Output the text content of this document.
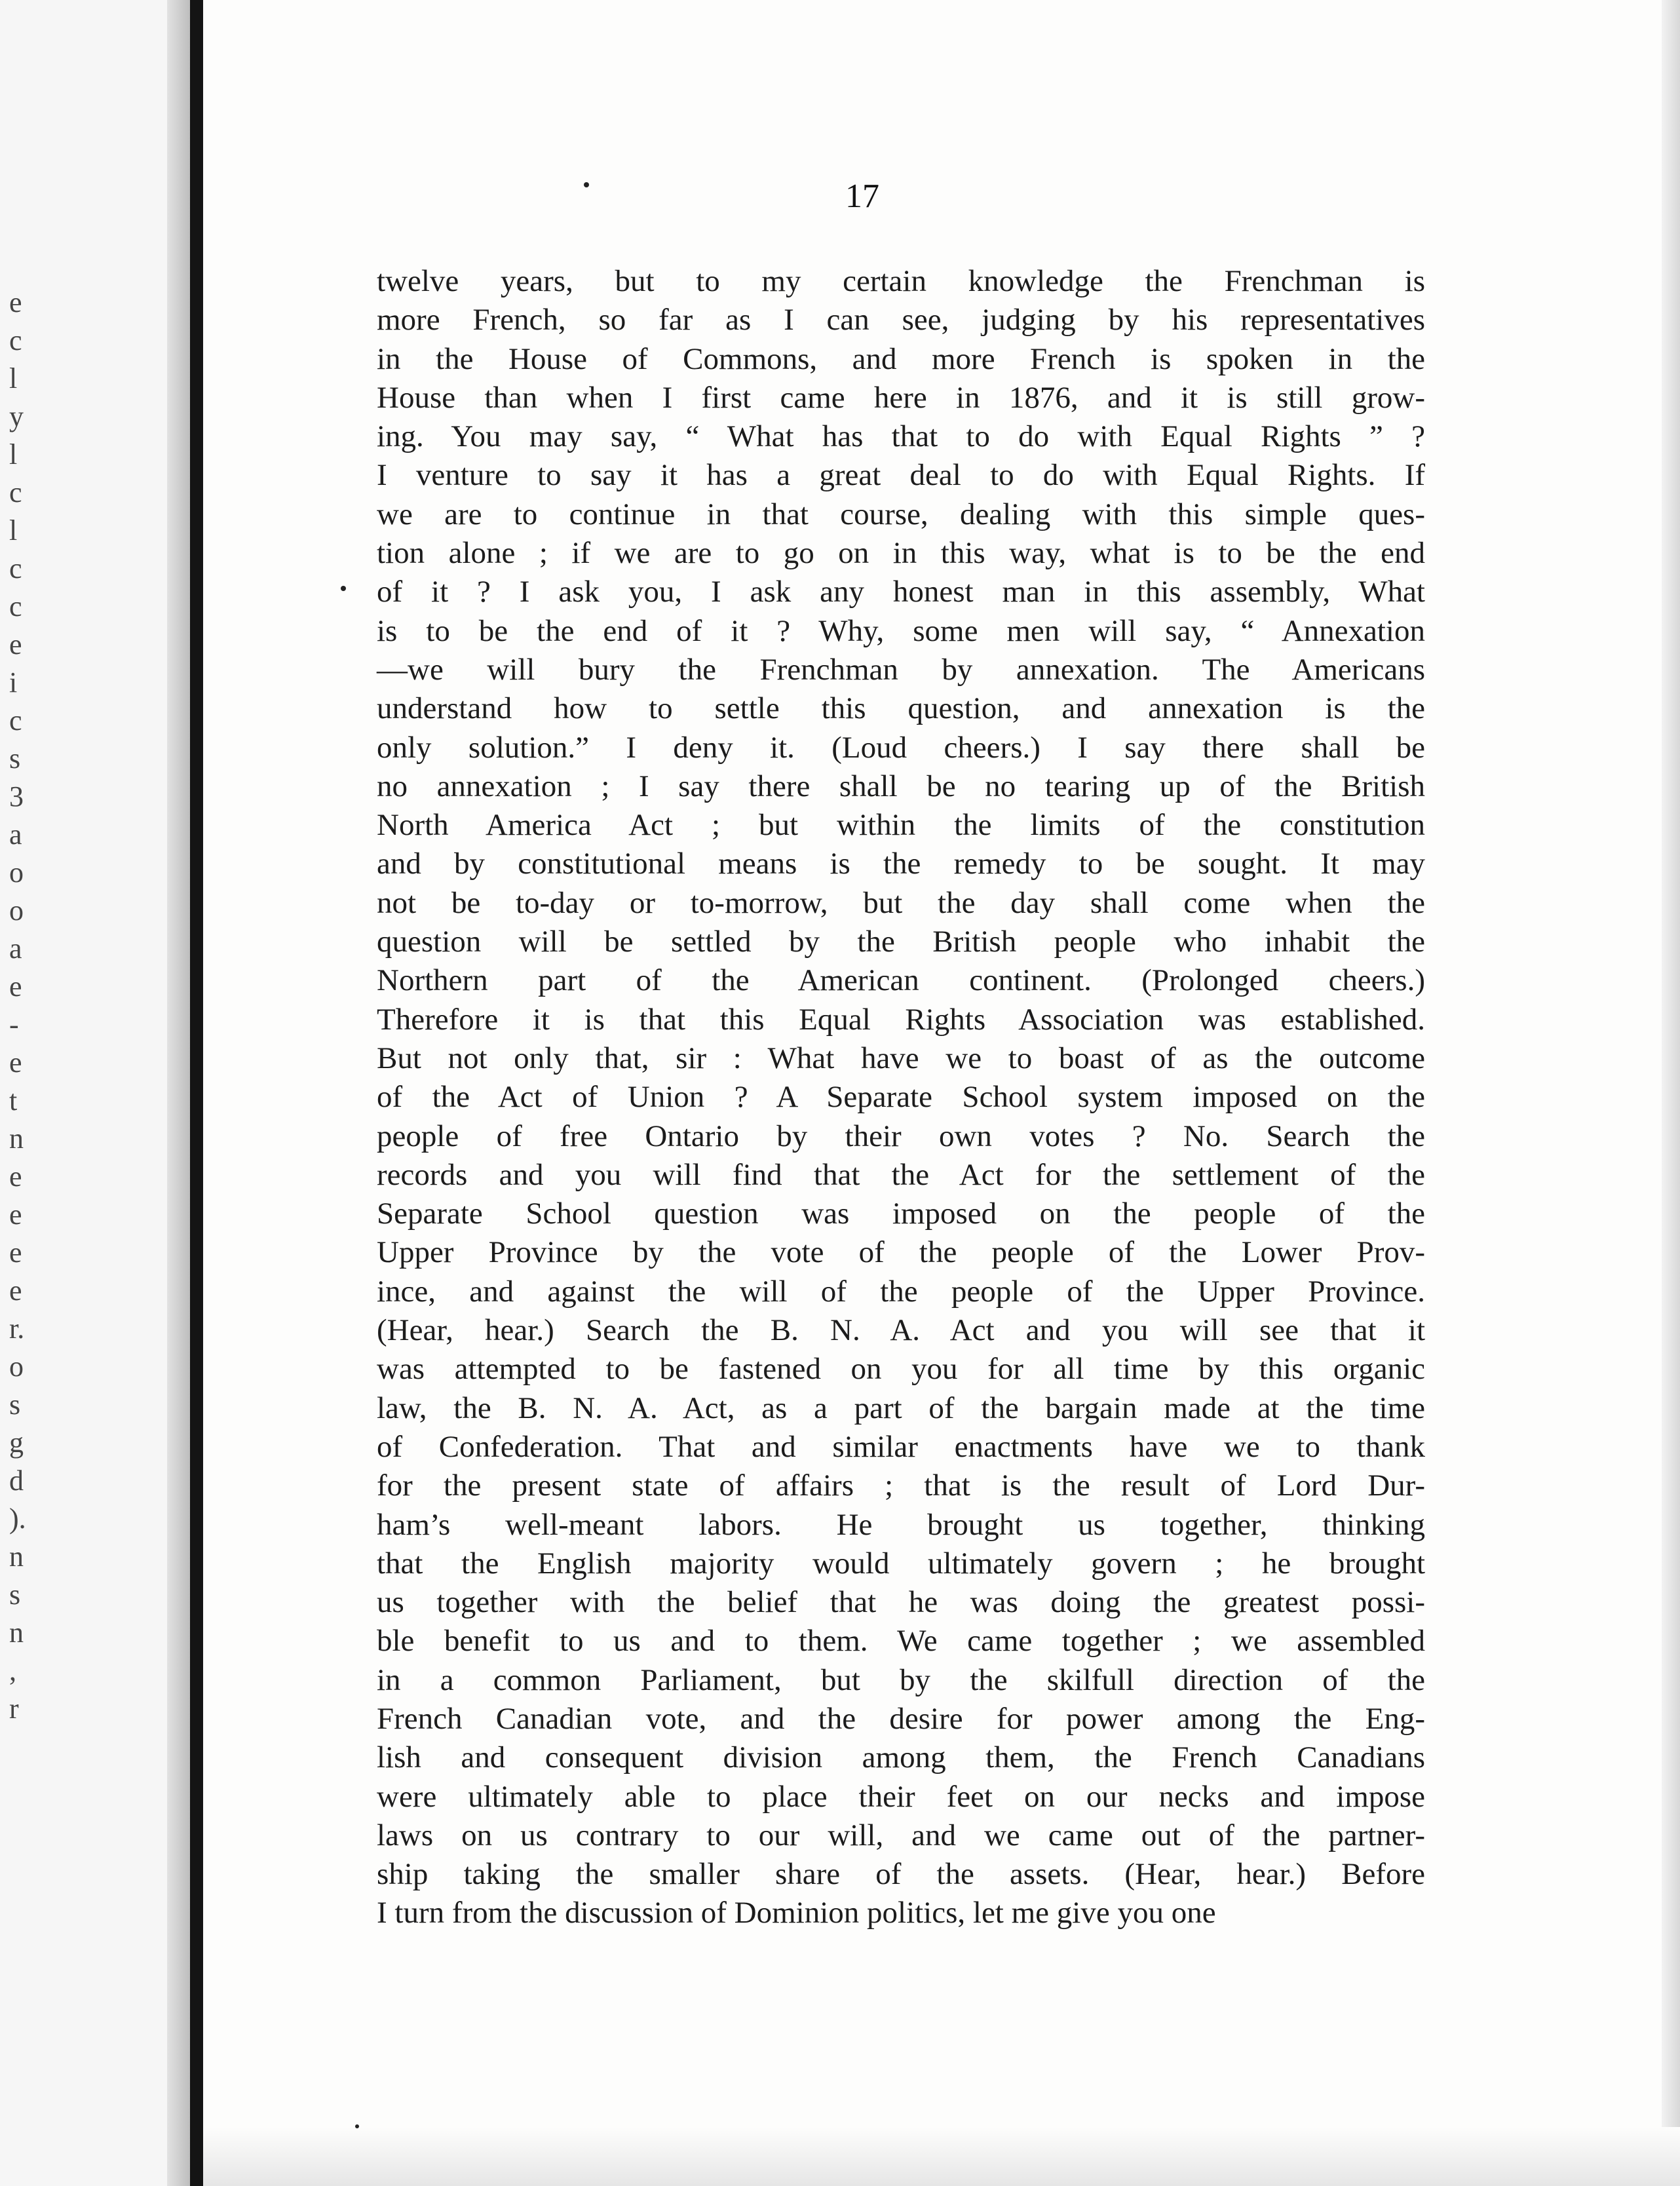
e
c
l
y
l
c
l
c
c
e
i
c
s
3
a
o
o
a
e
-
e
t
n
e
e
e
e
r.
o
s
g
d
).
n
s
n
,
r
17
twelve years, but to my certain knowledge the Frenchman is
more French, so far as I can see, judging by his representatives
in the House of Commons, and more French is spoken in the
House than when I first came here in 1876, and it is still grow-
ing. You may say, “ What has that to do with Equal Rights ” ?
I venture to say it has a great deal to do with Equal Rights. If
we are to continue in that course, dealing with this simple ques-
tion alone ; if we are to go on in this way, what is to be the end
of it ? I ask you, I ask any honest man in this assembly, What
is to be the end of it ? Why, some men will say, “ Annexation
—we will bury the Frenchman by annexation. The Americans
understand how to settle this question, and annexation is the
only solution.” I deny it. (Loud cheers.) I say there shall be
no annexation ; I say there shall be no tearing up of the British
North America Act ; but within the limits of the constitution
and by constitutional means is the remedy to be sought. It may
not be to-day or to-morrow, but the day shall come when the
question will be settled by the British people who inhabit the
Northern part of the American continent. (Prolonged cheers.)
Therefore it is that this Equal Rights Association was established.
But not only that, sir : What have we to boast of as the outcome
of the Act of Union ? A Separate School system imposed on the
people of free Ontario by their own votes ? No. Search the
records and you will find that the Act for the settlement of the
Separate School question was imposed on the people of the
Upper Province by the vote of the people of the Lower Prov-
ince, and against the will of the people of the Upper Province.
(Hear, hear.) Search the B. N. A. Act and you will see that it
was attempted to be fastened on you for all time by this organic
law, the B. N. A. Act, as a part of the bargain made at the time
of Confederation. That and similar enactments have we to thank
for the present state of affairs ; that is the result of Lord Dur-
ham’s well-meant labors. He brought us together, thinking
that the English majority would ultimately govern ; he brought
us together with the belief that he was doing the greatest possi-
ble benefit to us and to them. We came together ; we assembled
in a common Parliament, but by the skilfull direction of the
French Canadian vote, and the desire for power among the Eng-
lish and consequent division among them, the French Canadians
were ultimately able to place their feet on our necks and impose
laws on us contrary to our will, and we came out of the partner-
ship taking the smaller share of the assets. (Hear, hear.) Before
I turn from the discussion of Dominion politics, let me give you one
